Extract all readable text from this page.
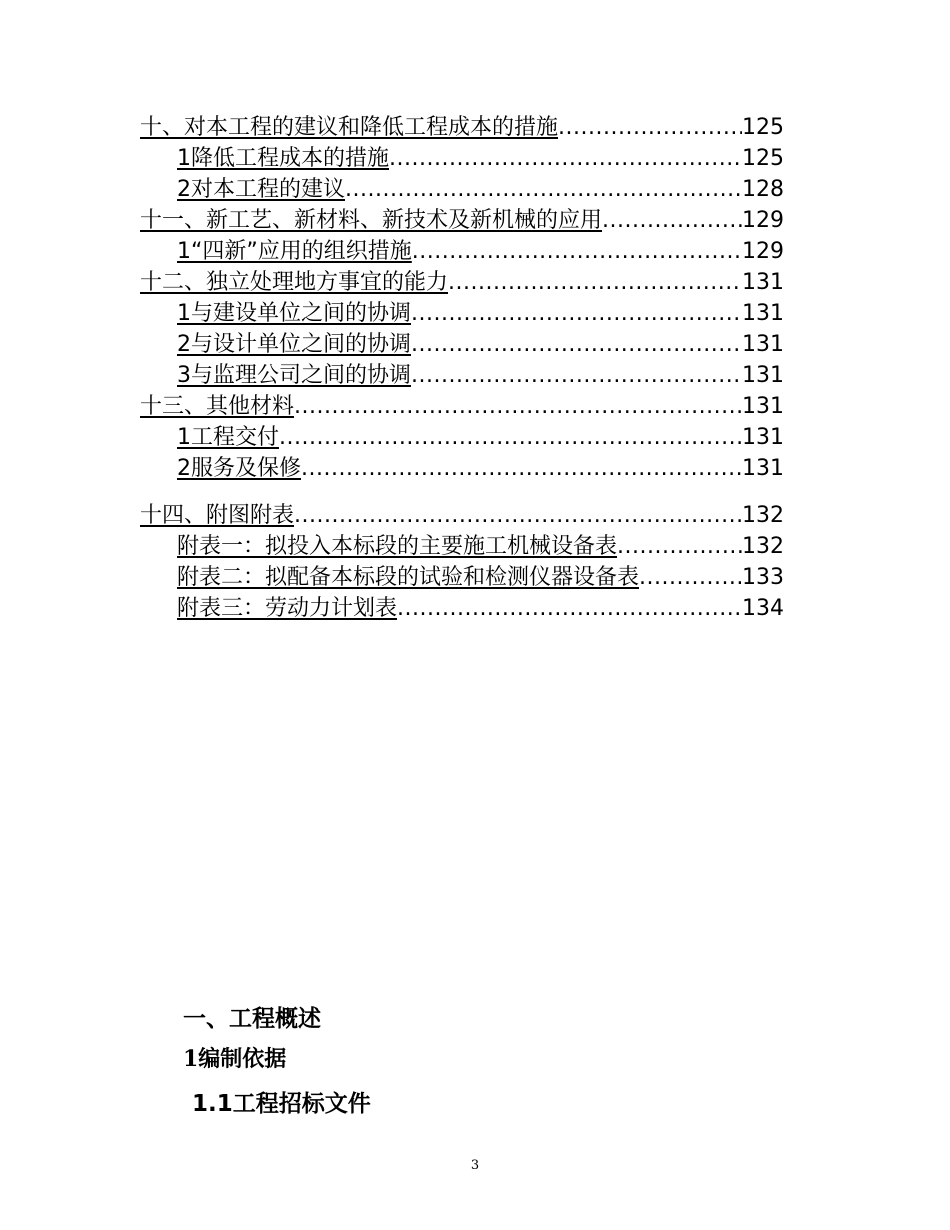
十、对本工程的建议和降低工程成本的措施 .....	125
1降低工程成本的措施 .....	125
2对本工程的建议 .....	128
十一、新工艺、新材料、新技术及新机械的应用 .....	129
1“四新”应用的组织措施 .....	129
十二、独立处理地方事宜的能力 .....	131
1与建设单位之间的协调 .....	131
2与设计单位之间的协调 .....	131
3与监理公司之间的协调 .....	131
十三、其他材料 .....	131
1工程交付 .....	131
2服务及保修 .....	131
十四、附图附表 .....	132
附表一：拟投入本标段的主要施工机械设备表 .....	132
附表二：拟配备本标段的试验和检测仪器设备表 .....	133
附表三：劳动力计划表 .....	134
一、工程概述
1编制依据
1.1工程招标文件
3
